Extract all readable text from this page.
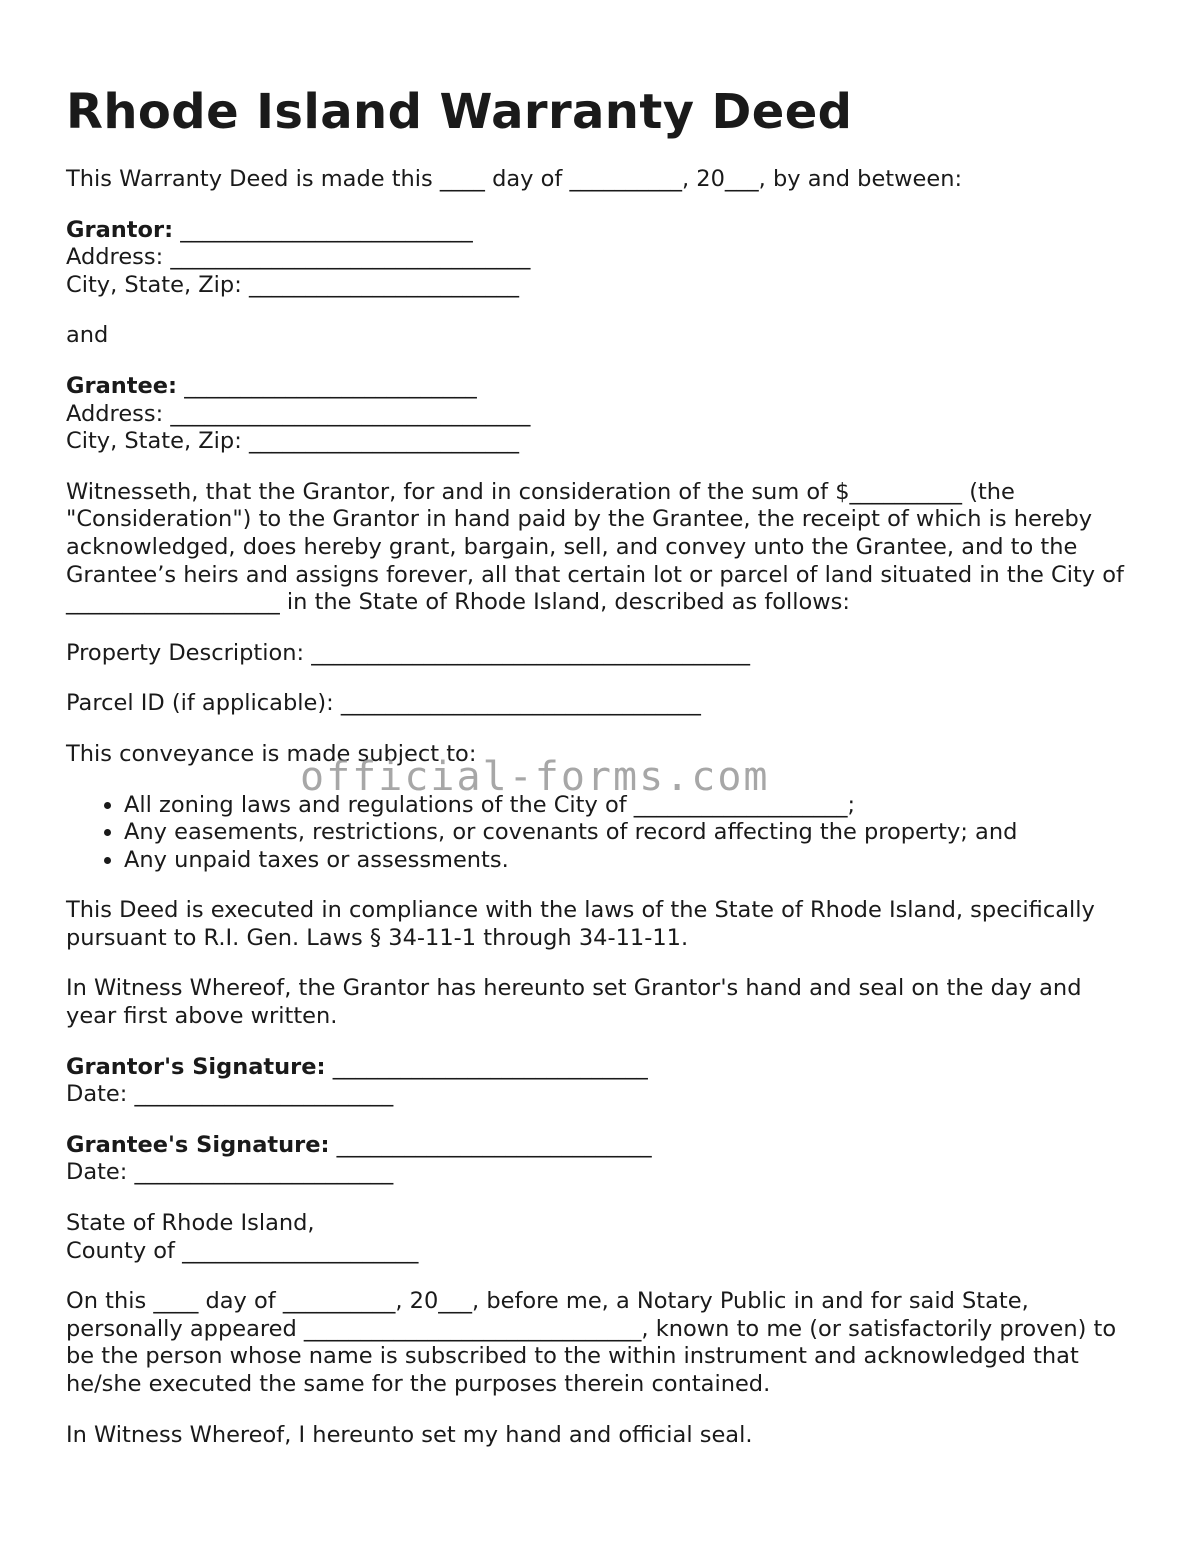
Rhode Island Warranty Deed

This Warranty Deed is made this ____ day of __________, 20___, by and between:

Grantor: __________________________
Address: ________________________________
City, State, Zip: ________________________

and

Grantee: __________________________
Address: ________________________________
City, State, Zip: ________________________

Witnesseth, that the Grantor, for and in consideration of the sum of $__________ (the "Consideration") to the Grantor in hand paid by the Grantee, the receipt of which is hereby acknowledged, does hereby grant, bargain, sell, and convey unto the Grantee, and to the Grantee’s heirs and assigns forever, all that certain lot or parcel of land situated in the City of ___________________ in the State of Rhode Island, described as follows:

Property Description: _______________________________________

Parcel ID (if applicable): ________________________________

This conveyance is made subject to:

• All zoning laws and regulations of the City of ___________________;
• Any easements, restrictions, or covenants of record affecting the property; and
• Any unpaid taxes or assessments.

This Deed is executed in compliance with the laws of the State of Rhode Island, specifically pursuant to R.I. Gen. Laws § 34-11-1 through 34-11-11.

In Witness Whereof, the Grantor has hereunto set Grantor's hand and seal on the day and year first above written.

Grantor's Signature: ____________________________
Date: _______________________

Grantee's Signature: ____________________________
Date: _______________________

State of Rhode Island,
County of _____________________

On this ____ day of __________, 20___, before me, a Notary Public in and for said State, personally appeared ______________________________, known to me (or satisfactorily proven) to be the person whose name is subscribed to the within instrument and acknowledged that he/she executed the same for the purposes therein contained.

In Witness Whereof, I hereunto set my hand and official seal.

official-forms.com
